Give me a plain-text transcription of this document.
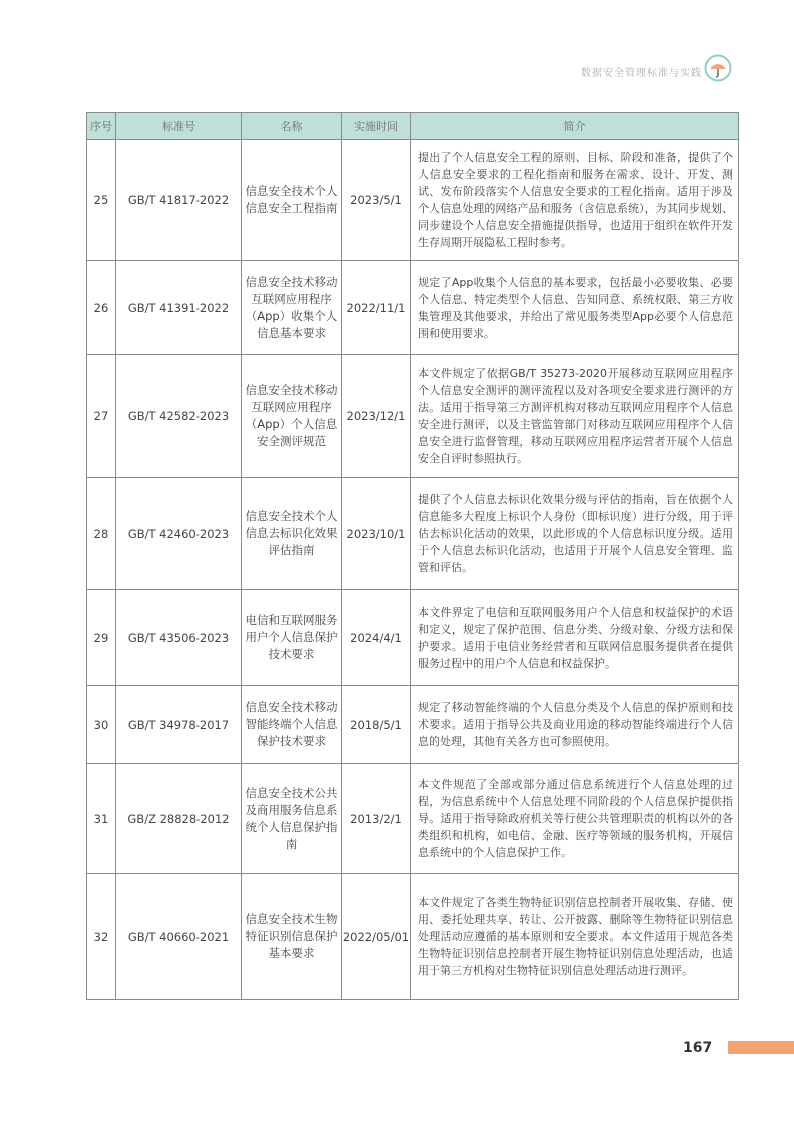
数据安全管理标准与实践
序号	标准号	名称	实施时间	简介
25	GB/T 41817-2022	信息安全技术个人信息安全工程指南	2023/5/1	提出了个人信息安全工程的原则、目标、阶段和准备，提供了个人信息安全要求的工程化指南和服务在需求、设计、开发、测试、发布阶段落实个人信息安全要求的工程化指南。适用于涉及个人信息处理的网络产品和服务（含信息系统），为其同步规划、同步建设个人信息安全措施提供指导，也适用于组织在软件开发生存周期开展隐私工程时参考。
26	GB/T 41391-2022	信息安全技术移动互联网应用程序（App）收集个人信息基本要求	2022/11/1	规定了App收集个人信息的基本要求，包括最小必要收集、必要个人信息、特定类型个人信息、告知同意、系统权限、第三方收集管理及其他要求，并给出了常见服务类型App必要个人信息范围和使用要求。
27	GB/T 42582-2023	信息安全技术移动互联网应用程序（App）个人信息安全测评规范	2023/12/1	本文件规定了依据GB/T 35273-2020开展移动互联网应用程序个人信息安全测评的测评流程以及对各项安全要求进行测评的方法。适用于指导第三方测评机构对移动互联网应用程序个人信息安全进行测评，以及主管监管部门对移动互联网应用程序个人信息安全进行监督管理，移动互联网应用程序运营者开展个人信息安全自评时参照执行。
28	GB/T 42460-2023	信息安全技术个人信息去标识化效果评估指南	2023/10/1	提供了个人信息去标识化效果分级与评估的指南，旨在依据个人信息能多大程度上标识个人身份（即标识度）进行分级，用于评估去标识化活动的效果，以此形成的个人信息标识度分级。适用于个人信息去标识化活动，也适用于开展个人信息安全管理、监管和评估。
29	GB/T 43506-2023	电信和互联网服务 用户个人信息保护技术要求	2024/4/1	本文件界定了电信和互联网服务用户个人信息和权益保护的术语和定义，规定了保护范围、信息分类、分级对象、分级方法和保护要求。适用于电信业务经营者和互联网信息服务提供者在提供服务过程中的用户个人信息和权益保护。
30	GB/T 34978-2017	信息安全技术移动智能终端个人信息保护技术要求	2018/5/1	规定了移动智能终端的个人信息分类及个人信息的保护原则和技术要求。适用于指导公共及商业用途的移动智能终端进行个人信息的处理，其他有关各方也可参照使用。
31	GB/Z 28828-2012	信息安全技术公共及商用服务信息系统个人信息保护指南	2013/2/1	本文件规范了全部或部分通过信息系统进行个人信息处理的过程，为信息系统中个人信息处理不同阶段的个人信息保护提供指导。适用于指导除政府机关等行使公共管理职责的机构以外的各类组织和机构，如电信、金融、医疗等领域的服务机构，开展信息系统中的个人信息保护工作。
32	GB/T 40660-2021	信息安全技术生物特征识别信息保护基本要求	2022/05/01	本文件规定了各类生物特征识别信息控制者开展收集、存储、使用、委托处理共享、转让、公开披露、删除等生物特征识别信息处理活动应遵循的基本原则和安全要求。本文件适用于规范各类生物特征识别信息控制者开展生物特征识别信息处理活动，也适用于第三方机构对生物特征识别信息处理活动进行测评。
167
